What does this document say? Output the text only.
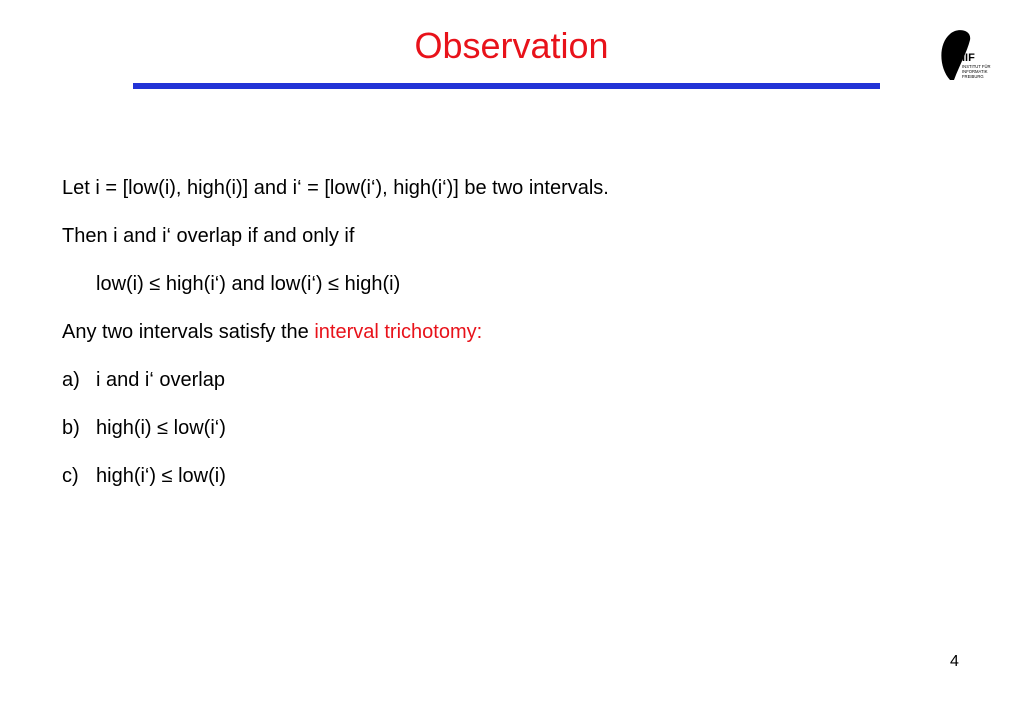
Observation	IIF
INSTITUT FÜR
INFORMATIK
FREIBURG
Let i = [low(i), high(i)] and i‘ = [low(i‘), high(i‘)] be two intervals.
Then i and i‘ overlap if and only if
low(i) ≤ high(i‘) and low(i‘) ≤ high(i)
Any two intervals satisfy the interval trichotomy:
a) i and i‘ overlap
b) high(i) ≤ low(i‘)
c) high(i‘) ≤ low(i)
4
